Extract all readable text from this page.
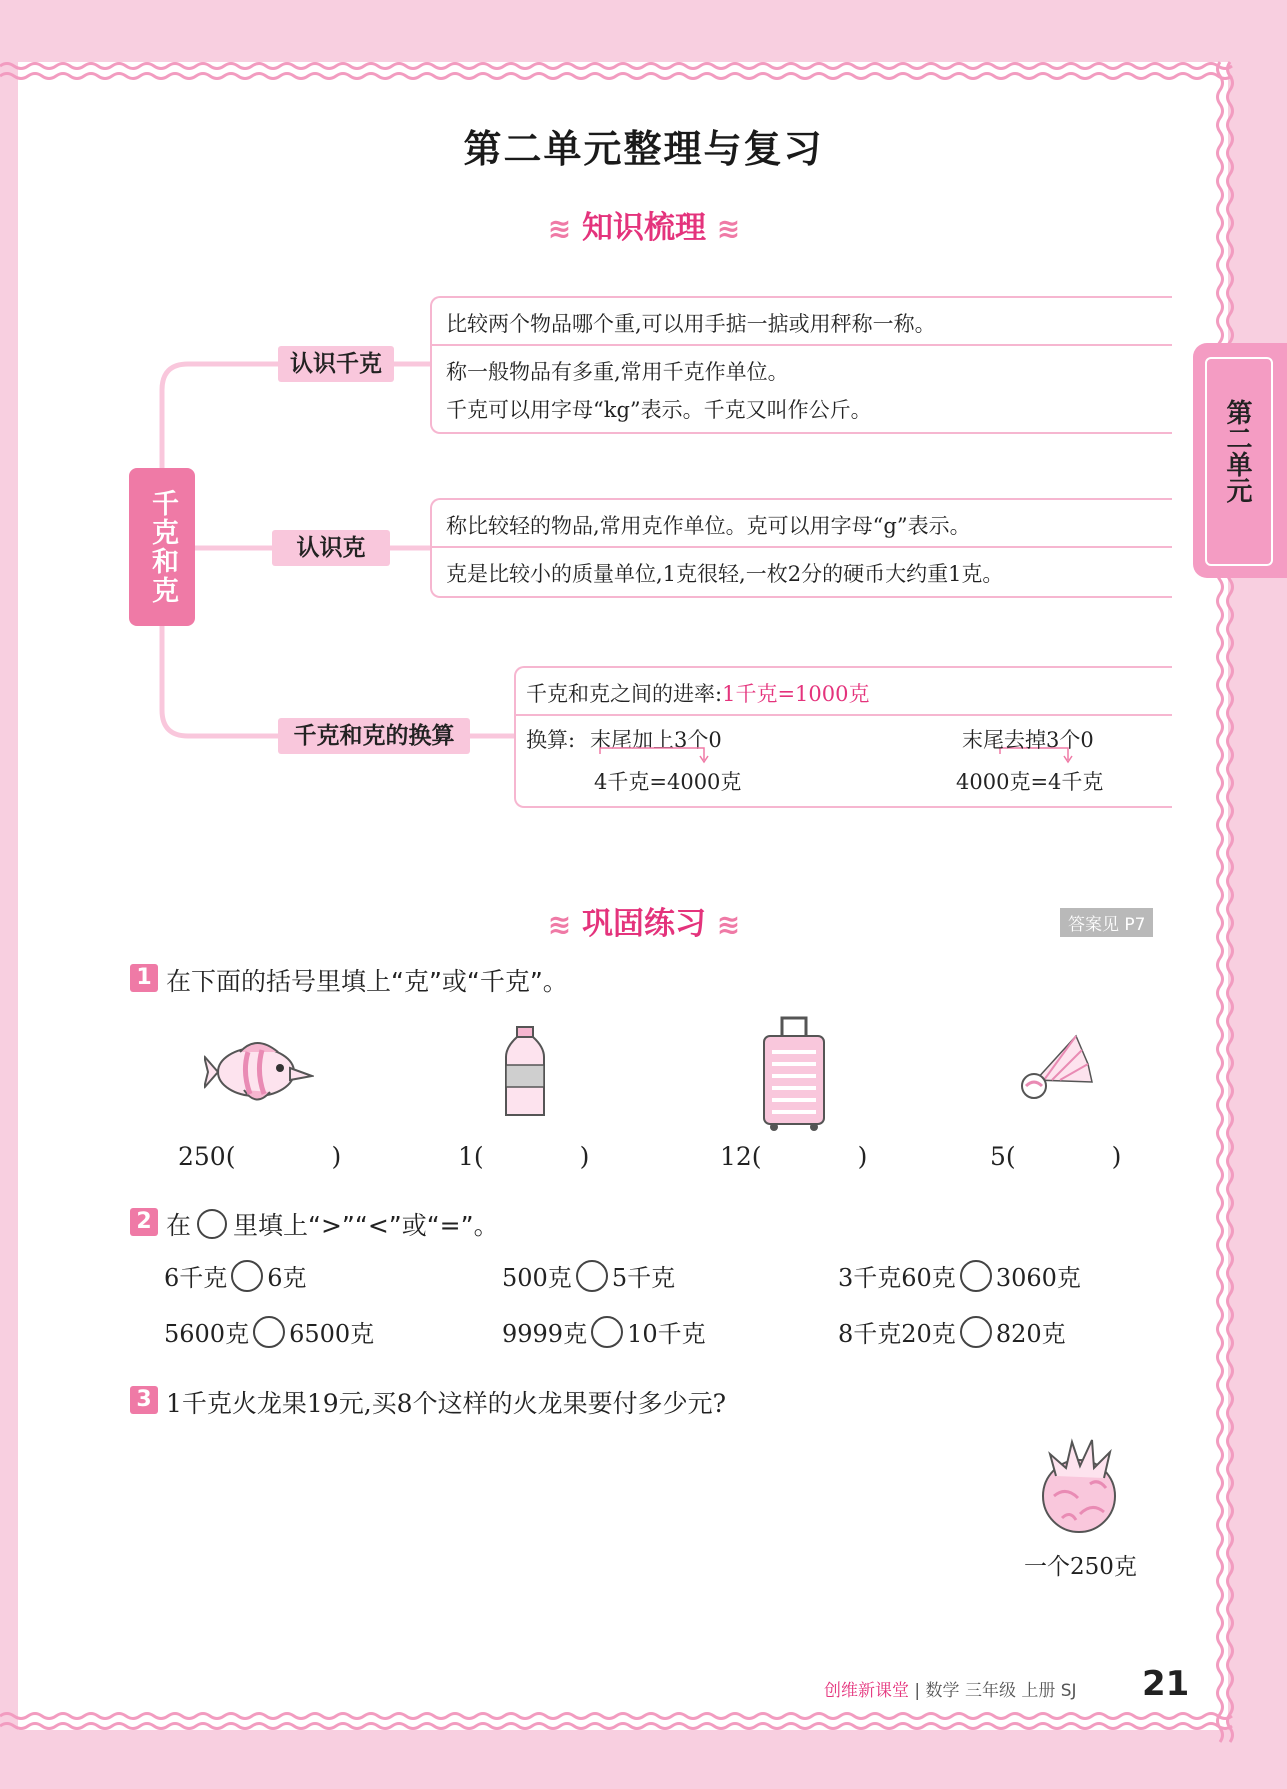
第二单元整理与复习
第二单元
≋ 知识梳理 ≋
千克和克
认识千克
认识克
千克和克的换算
比较两个物品哪个重,可以用手掂一掂或用秤称一称。
称一般物品有多重,常用千克作单位。
千克可以用字母“kg”表示。千克又叫作公斤。
称比较轻的物品,常用克作单位。克可以用字母“g”表示。
克是比较小的质量单位,1克很轻,一枚2分的硬币大约重1克。
千克和克之间的进率:1千克=1000克
换算: 末尾加上3个0
4千克=4000克
末尾去掉3个0
4000克=4千克
≋ 巩固练习 ≋	答案见 P7
1 在下面的括号里填上“克”或“千克”。
250(	)	1(	)	12(	)	5(	)
2 在 里填上“>”“<”或“=”。
6千克 6克	500克 5千克	3千克60克 3060克
5600克 6500克	9999克 10千克	8千克20克 820克
3 1千克火龙果19元,买8个这样的火龙果要付多少元?
一个250克
创维新课堂 | 数学 三年级 上册 SJ 21
